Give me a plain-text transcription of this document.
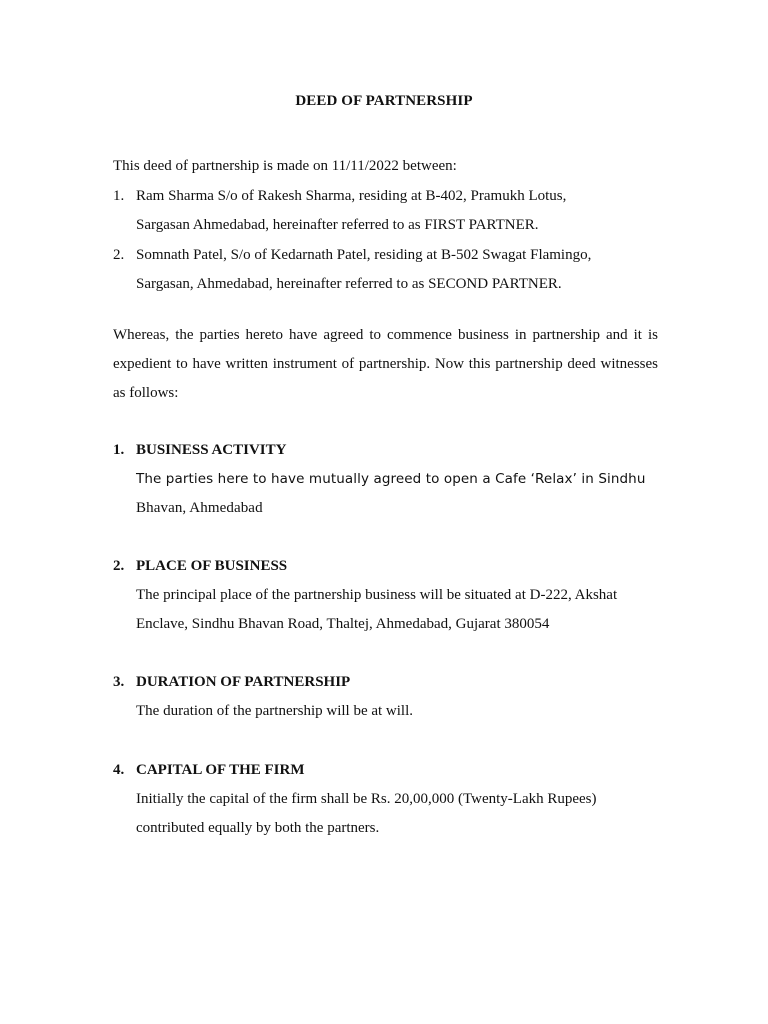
DEED OF PARTNERSHIP

This deed of partnership is made on 11/11/2022 between:

1. Ram Sharma S/o of Rakesh Sharma, residing at B-402, Pramukh Lotus,
Sargasan Ahmedabad, hereinafter referred to as FIRST PARTNER.
2. Somnath Patel, S/o of Kedarnath Patel, residing at B-502 Swagat Flamingo,
Sargasan, Ahmedabad, hereinafter referred to as SECOND PARTNER.
Whereas, the parties hereto have agreed to commence business in partnership and it is expedient to have written instrument of partnership. Now this partnership deed witnesses as follows:
1. BUSINESS ACTIVITY
The parties here to have mutually agreed to open a Cafe ‘Relax’ in Sindhu
Bhavan, Ahmedabad
2. PLACE OF BUSINESS
The principal place of the partnership business will be situated at D-222, Akshat
Enclave, Sindhu Bhavan Road, Thaltej, Ahmedabad, Gujarat 380054
3. DURATION OF PARTNERSHIP
The duration of the partnership will be at will.
4. CAPITAL OF THE FIRM
Initially the capital of the firm shall be Rs. 20,00,000 (Twenty-Lakh Rupees)
contributed equally by both the partners.
